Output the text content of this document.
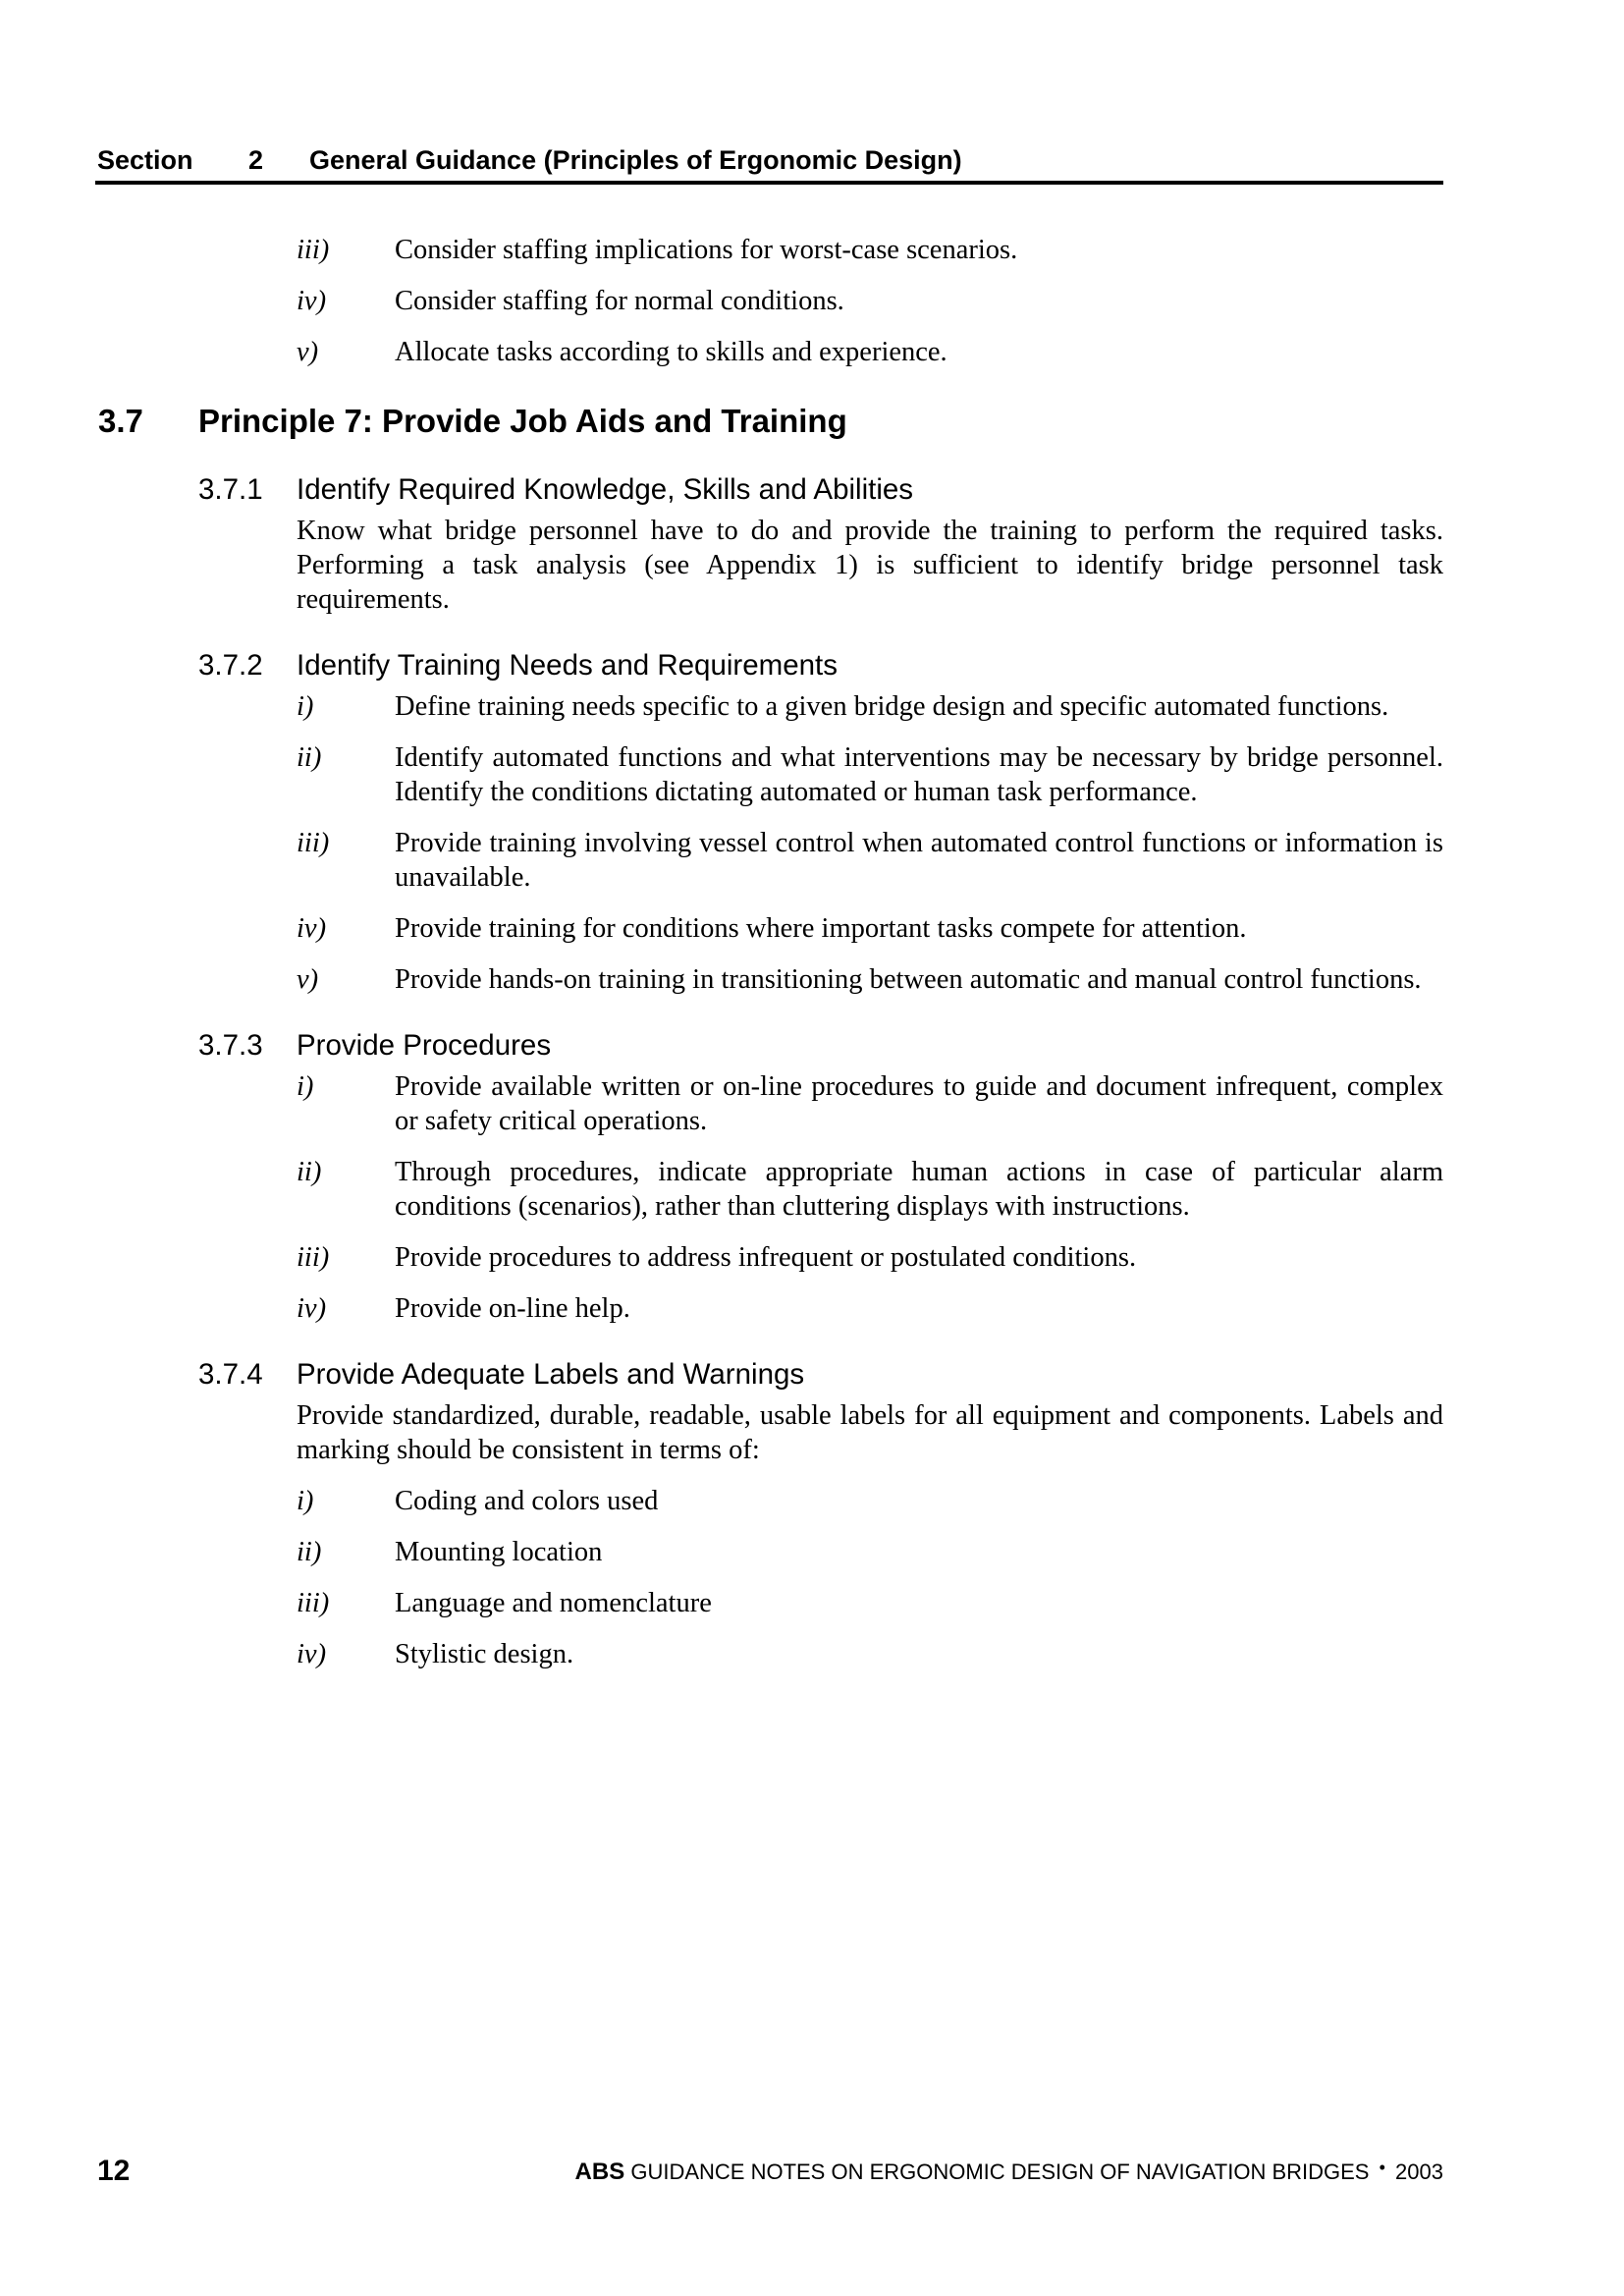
Section 2 General Guidance (Principles of Ergonomic Design)
iii) Consider staffing implications for worst-case scenarios.
iv) Consider staffing for normal conditions.
v)	Allocate tasks according to skills and experience.
3.7 Principle 7: Provide Job Aids and Training
3.7.1 Identify Required Knowledge, Skills and Abilities
Know what bridge personnel have to do and provide the training to perform the required tasks. Performing a task analysis (see Appendix 1) is sufficient to identify bridge personnel task requirements.
3.7.2 Identify Training Needs and Requirements
i)	Define training needs specific to a given bridge design and specific automated functions.
ii)	Identify automated functions and what interventions may be necessary by bridge personnel. Identify the conditions dictating automated or human task performance.
iii) Provide training involving vessel control when automated control functions or information is unavailable.
iv) Provide training for conditions where important tasks compete for attention.
v)	Provide hands-on training in transitioning between automatic and manual control functions.
3.7.3 Provide Procedures
i)	Provide available written or on-line procedures to guide and document infrequent, complex or safety critical operations.
ii)	Through procedures, indicate appropriate human actions in case of particular alarm conditions (scenarios), rather than cluttering displays with instructions.
iii) Provide procedures to address infrequent or postulated conditions.
iv) Provide on-line help.
3.7.4 Provide Adequate Labels and Warnings
Provide standardized, durable, readable, usable labels for all equipment and components. Labels and marking should be consistent in terms of:
i)	Coding and colors used
ii)	Mounting location
iii) Language and nomenclature
iv) Stylistic design.
12	ABS GUIDANCE NOTES ON ERGONOMIC DESIGN OF NAVIGATION BRIDGES • 2003
